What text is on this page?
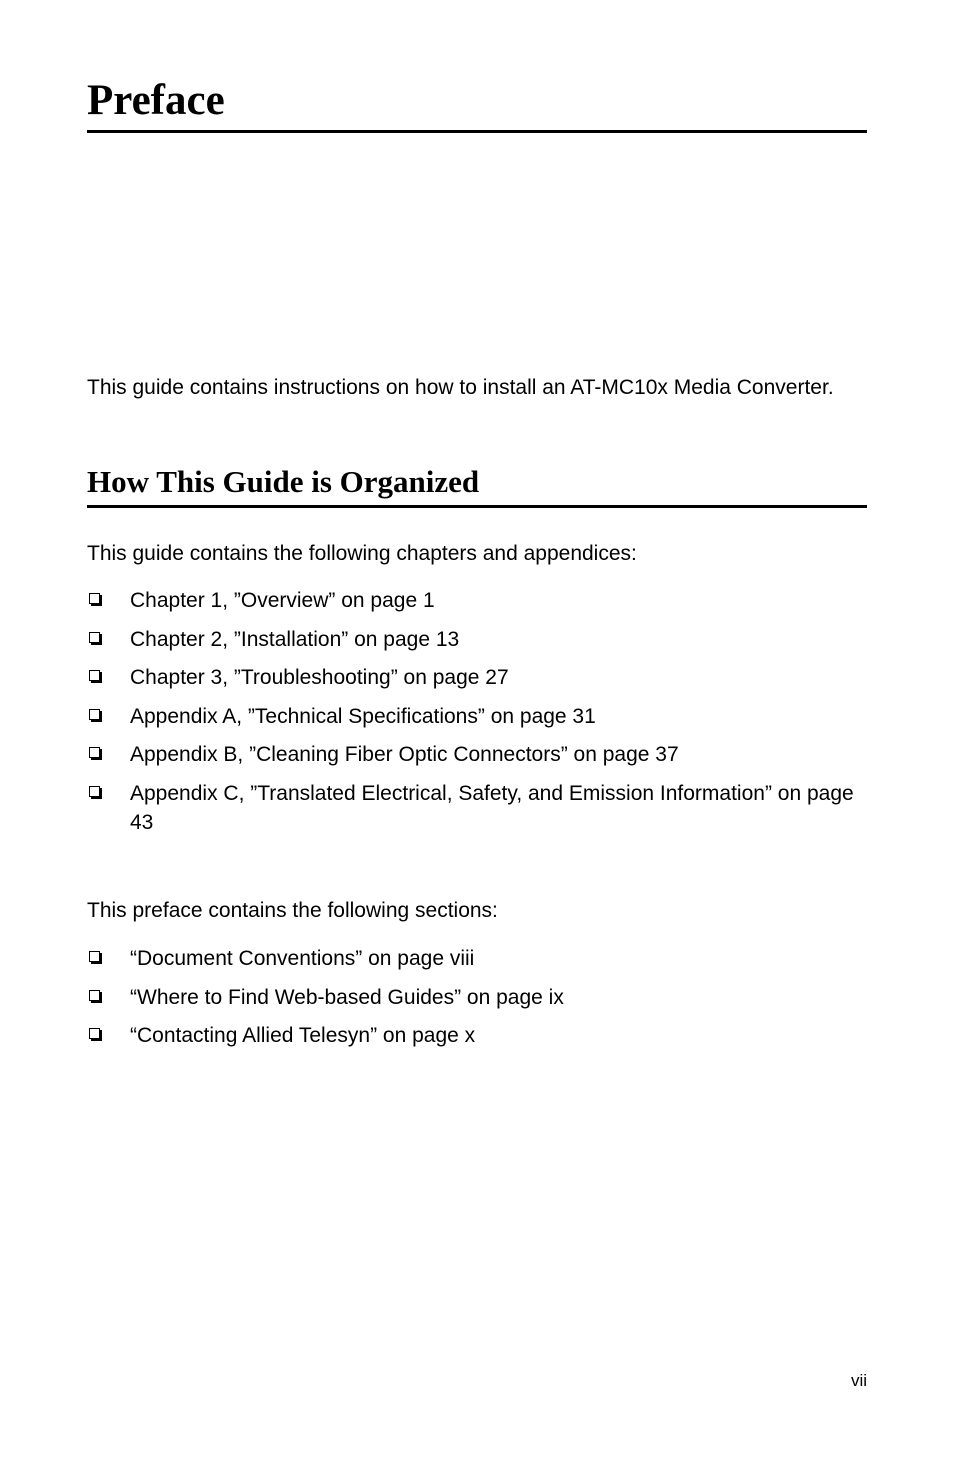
Preface

This guide contains instructions on how to install an AT-MC10x Media Converter.

How This Guide is Organized

This guide contains the following chapters and appendices:

Chapter 1, ”Overview” on page 1
Chapter 2, ”Installation” on page 13
Chapter 3, ”Troubleshooting” on page 27
Appendix A, ”Technical Specifications” on page 31
Appendix B, ”Cleaning Fiber Optic Connectors” on page 37
Appendix C, ”Translated Electrical, Safety, and Emission Information” on page 43

This preface contains the following sections:

“Document Conventions” on page viii
“Where to Find Web-based Guides” on page ix
“Contacting Allied Telesyn” on page x
vii
